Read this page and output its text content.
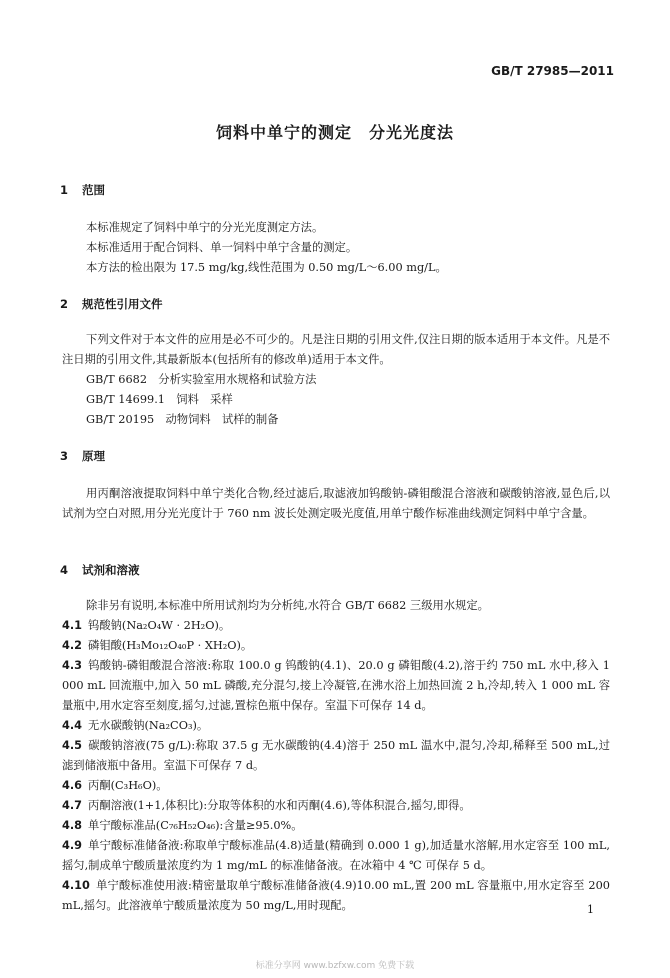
GB/T 27985—2011
饲料中单宁的测定　分光光度法
1 范围
本标准规定了饲料中单宁的分光光度测定方法。
本标准适用于配合饲料、单一饲料中单宁含量的测定。
本方法的检出限为 17.5 mg/kg,线性范围为 0.50 mg/L～6.00 mg/L。
2 规范性引用文件
下列文件对于本文件的应用是必不可少的。凡是注日期的引用文件,仅注日期的版本适用于本文件。凡是不注日期的引用文件,其最新版本(包括所有的修改单)适用于本文件。
GB/T 6682　分析实验室用水规格和试验方法
GB/T 14699.1　饲料　采样
GB/T 20195　动物饲料　试样的制备
3 原理
用丙酮溶液提取饲料中单宁类化合物,经过滤后,取滤液加钨酸钠-磷钼酸混合溶液和碳酸钠溶液,显色后,以试剂为空白对照,用分光光度计于 760 nm 波长处测定吸光度值,用单宁酸作标准曲线测定饲料中单宁含量。
4 试剂和溶液
除非另有说明,本标准中所用试剂均为分析纯,水符合 GB/T 6682 三级用水规定。
4.1 钨酸钠(Na₂O₄W · 2H₂O)。
4.2 磷钼酸(H₃Mo₁₂O₄₀P · XH₂O)。
4.3 钨酸钠-磷钼酸混合溶液:称取 100.0 g 钨酸钠(4.1)、20.0 g 磷钼酸(4.2),溶于约 750 mL 水中,移入 1 000 mL 回流瓶中,加入 50 mL 磷酸,充分混匀,接上冷凝管,在沸水浴上加热回流 2 h,冷却,转入 1 000 mL 容量瓶中,用水定容至刻度,摇匀,过滤,置棕色瓶中保存。室温下可保存 14 d。
4.4 无水碳酸钠(Na₂CO₃)。
4.5 碳酸钠溶液(75 g/L):称取 37.5 g 无水碳酸钠(4.4)溶于 250 mL 温水中,混匀,冷却,稀释至 500 mL,过滤到储液瓶中备用。室温下可保存 7 d。
4.6 丙酮(C₃H₆O)。
4.7 丙酮溶液(1+1,体积比):分取等体积的水和丙酮(4.6),等体积混合,摇匀,即得。
4.8 单宁酸标准品(C₇₆H₅₂O₄₆):含量≥95.0%。
4.9 单宁酸标准储备液:称取单宁酸标准品(4.8)适量(精确到 0.000 1 g),加适量水溶解,用水定容至 100 mL,摇匀,制成单宁酸质量浓度约为 1 mg/mL 的标准储备液。在冰箱中 4 ℃ 可保存 5 d。
4.10 单宁酸标准使用液:精密量取单宁酸标准储备液(4.9)10.00 mL,置 200 mL 容量瓶中,用水定容至 200 mL,摇匀。此溶液单宁酸质量浓度为 50 mg/L,用时现配。	1
标准分享网 www.bzfxw.com 免费下载
